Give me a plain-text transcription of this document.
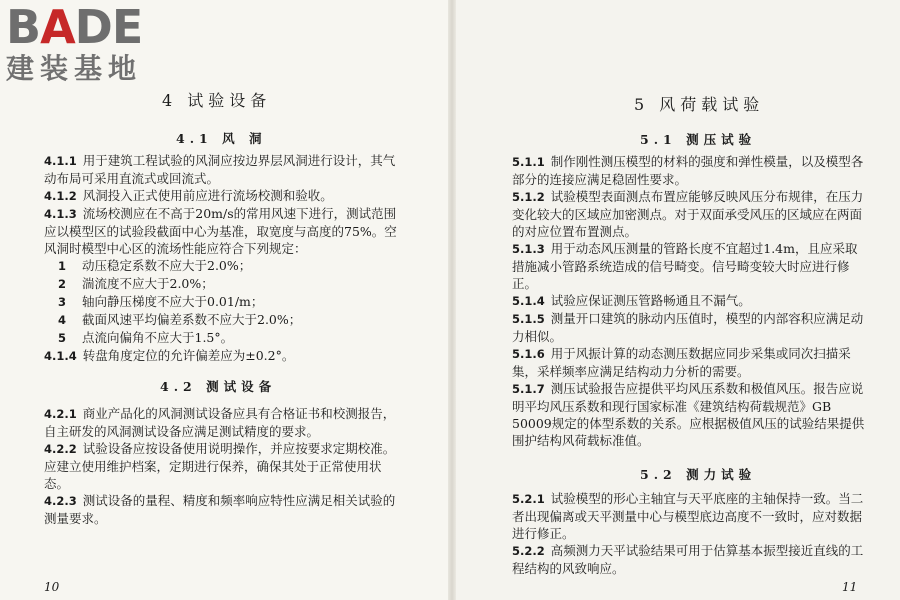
BADE
建装基地
4 试验设备
4.1 风 洞

4.1.1 用于建筑工程试验的风洞应按边界层风洞进行设计，其气动布局可采用直流式或回流式。

4.1.2 风洞投入正式使用前应进行流场校测和验收。

4.1.3 流场校测应在不高于20m/s的常用风速下进行，测试范围应以模型区的试验段截面中心为基准，取宽度与高度的75%。空风洞时模型中心区的流场性能应符合下列规定：

1 动压稳定系数不应大于2.0%；

2 湍流度不应大于2.0%；

3 轴向静压梯度不应大于0.01/m；

4 截面风速平均偏差系数不应大于2.0%；

5 点流向偏角不应大于1.5°。

4.1.4 转盘角度定位的允许偏差应为±0.2°。

4.2 测试设备

4.2.1 商业产品化的风洞测试设备应具有合格证书和校测报告，自主研发的风洞测试设备应满足测试精度的要求。

4.2.2 试验设备应按设备使用说明操作，并应按要求定期校准。应建立使用维护档案，定期进行保养，确保其处于正常使用状态。

4.2.3 测试设备的量程、精度和频率响应特性应满足相关试验的测量要求。

10
5 风荷载试验
5.1 测压试验

5.1.1 制作刚性测压模型的材料的强度和弹性模量，以及模型各部分的连接应满足稳固性要求。

5.1.2 试验模型表面测点布置应能够反映风压分布规律，在压力变化较大的区域应加密测点。对于双面承受风压的区域应在两面的对应位置布置测点。

5.1.3 用于动态风压测量的管路长度不宜超过1.4m，且应采取措施减小管路系统造成的信号畸变。信号畸变较大时应进行修正。

5.1.4 试验应保证测压管路畅通且不漏气。

5.1.5 测量开口建筑的脉动内压值时，模型的内部容积应满足动力相似。

5.1.6 用于风振计算的动态测压数据应同步采集或同次扫描采集，采样频率应满足结构动力分析的需要。

5.1.7 测压试验报告应提供平均风压系数和极值风压。报告应说明平均风压系数和现行国家标准《建筑结构荷载规范》GB 50009规定的体型系数的关系。应根据极值风压的试验结果提供围护结构风荷载标准值。

5.2 测力试验

5.2.1 试验模型的形心主轴宜与天平底座的主轴保持一致。当二者出现偏离或天平测量中心与模型底边高度不一致时，应对数据进行修正。

5.2.2 高频测力天平试验结果可用于估算基本振型接近直线的工程结构的风致响应。

11
